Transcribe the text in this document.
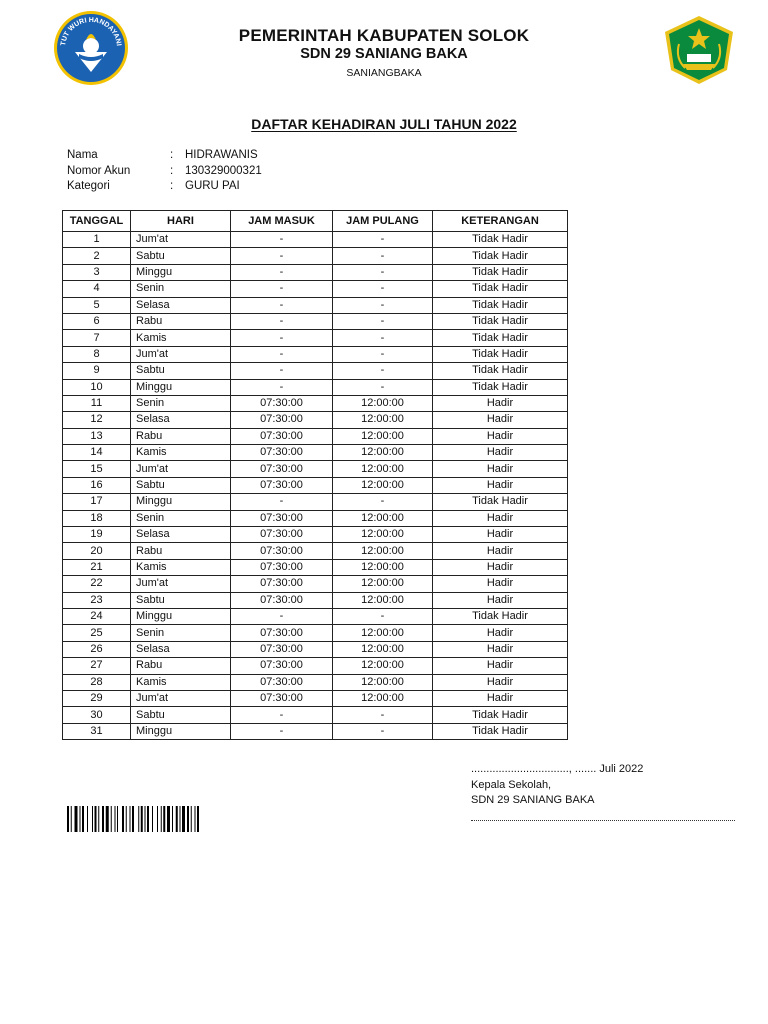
TUT WURI HANDAYANI	PEMERINTAH KABUPATEN SOLOK
SDN 29 SANIANG BAKA
SANIANGBAKA
DAFTAR KEHADIRAN JULI TAHUN 2022
Nama	:	HIDRAWANIS
Nomor Akun	:	130329000321
Kategori	:	GURU PAI
TANGGAL	HARI	JAM MASUK	JAM PULANG	KETERANGAN
1	Jum'at	-	-	Tidak Hadir
2	Sabtu	-	-	Tidak Hadir
3	Minggu	-	-	Tidak Hadir
4	Senin	-	-	Tidak Hadir
5	Selasa	-	-	Tidak Hadir
6	Rabu	-	-	Tidak Hadir
7	Kamis	-	-	Tidak Hadir
8	Jum'at	-	-	Tidak Hadir
9	Sabtu	-	-	Tidak Hadir
10	Minggu	-	-	Tidak Hadir
11	Senin	07:30:00	12:00:00	Hadir
12	Selasa	07:30:00	12:00:00	Hadir
13	Rabu	07:30:00	12:00:00	Hadir
14	Kamis	07:30:00	12:00:00	Hadir
15	Jum'at	07:30:00	12:00:00	Hadir
16	Sabtu	07:30:00	12:00:00	Hadir
17	Minggu	-	-	Tidak Hadir
18	Senin	07:30:00	12:00:00	Hadir
19	Selasa	07:30:00	12:00:00	Hadir
20	Rabu	07:30:00	12:00:00	Hadir
21	Kamis	07:30:00	12:00:00	Hadir
22	Jum'at	07:30:00	12:00:00	Hadir
23	Sabtu	07:30:00	12:00:00	Hadir
24	Minggu	-	-	Tidak Hadir
25	Senin	07:30:00	12:00:00	Hadir
26	Selasa	07:30:00	12:00:00	Hadir
27	Rabu	07:30:00	12:00:00	Hadir
28	Kamis	07:30:00	12:00:00	Hadir
29	Jum'at	07:30:00	12:00:00	Hadir
30	Sabtu	-	-	Tidak Hadir
31	Minggu	-	-	Tidak Hadir
................................, ....... Juli 2022
Kepala Sekolah,
SDN 29 SANIANG BAKA
